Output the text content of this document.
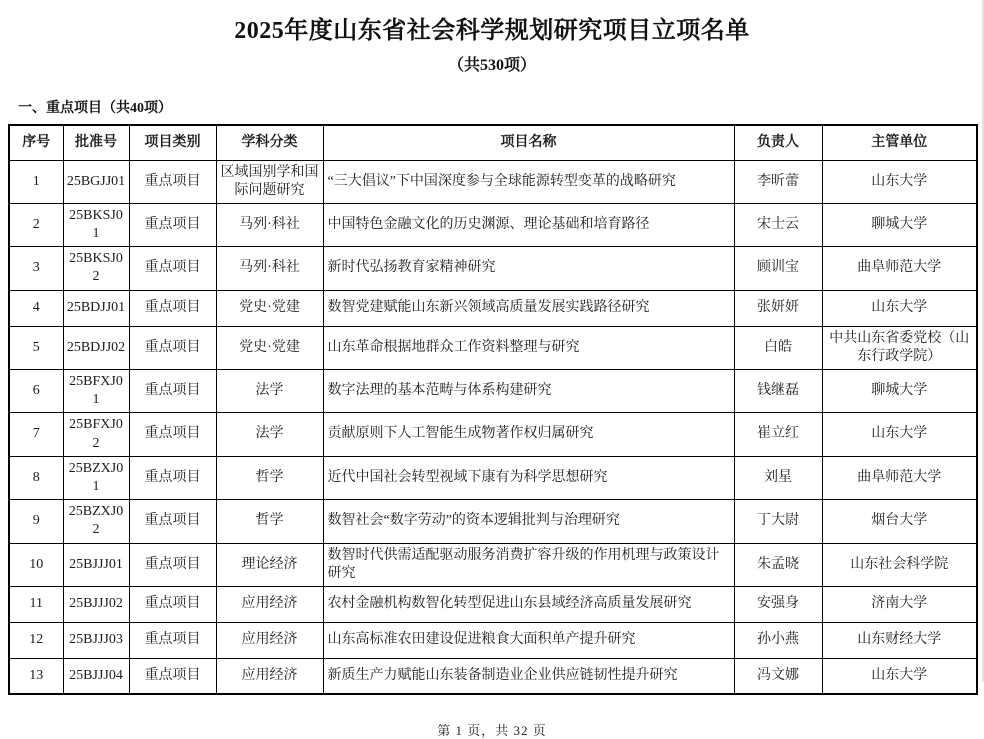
2025年度山东省社会科学规划研究项目立项名单
（共530项）
一、重点项目（共40项）
序号	批准号	项目类别	学科分类	项目名称	负责人	主管单位
1	25BGJJ01	重点项目	区域国别学和国际问题研究	“三大倡议”下中国深度参与全球能源转型变革的战略研究	李昕蕾	山东大学
2	25BKSJ01	重点项目	马列·科社	中国特色金融文化的历史渊源、理论基础和培育路径	宋士云	聊城大学
3	25BKSJ02	重点项目	马列·科社	新时代弘扬教育家精神研究	顾训宝	曲阜师范大学
4	25BDJJ01	重点项目	党史·党建	数智党建赋能山东新兴领域高质量发展实践路径研究	张妍妍	山东大学
5	25BDJJ02	重点项目	党史·党建	山东革命根据地群众工作资料整理与研究	白皓	中共山东省委党校（山东行政学院）
6	25BFXJ01	重点项目	法学	数字法理的基本范畴与体系构建研究	钱继磊	聊城大学
7	25BFXJ02	重点项目	法学	贡献原则下人工智能生成物著作权归属研究	崔立红	山东大学
8	25BZXJ01	重点项目	哲学	近代中国社会转型视域下康有为科学思想研究	刘星	曲阜师范大学
9	25BZXJ02	重点项目	哲学	数智社会“数字劳动”的资本逻辑批判与治理研究	丁大尉	烟台大学
10	25BJJJ01	重点项目	理论经济	数智时代供需适配驱动服务消费扩容升级的作用机理与政策设计研究	朱孟晓	山东社会科学院
11	25BJJJ02	重点项目	应用经济	农村金融机构数智化转型促进山东县域经济高质量发展研究	安强身	济南大学
12	25BJJJ03	重点项目	应用经济	山东高标准农田建设促进粮食大面积单产提升研究	孙小燕	山东财经大学
13	25BJJJ04	重点项目	应用经济	新质生产力赋能山东装备制造业企业供应链韧性提升研究	冯文娜	山东大学
第 1 页，共 32 页
